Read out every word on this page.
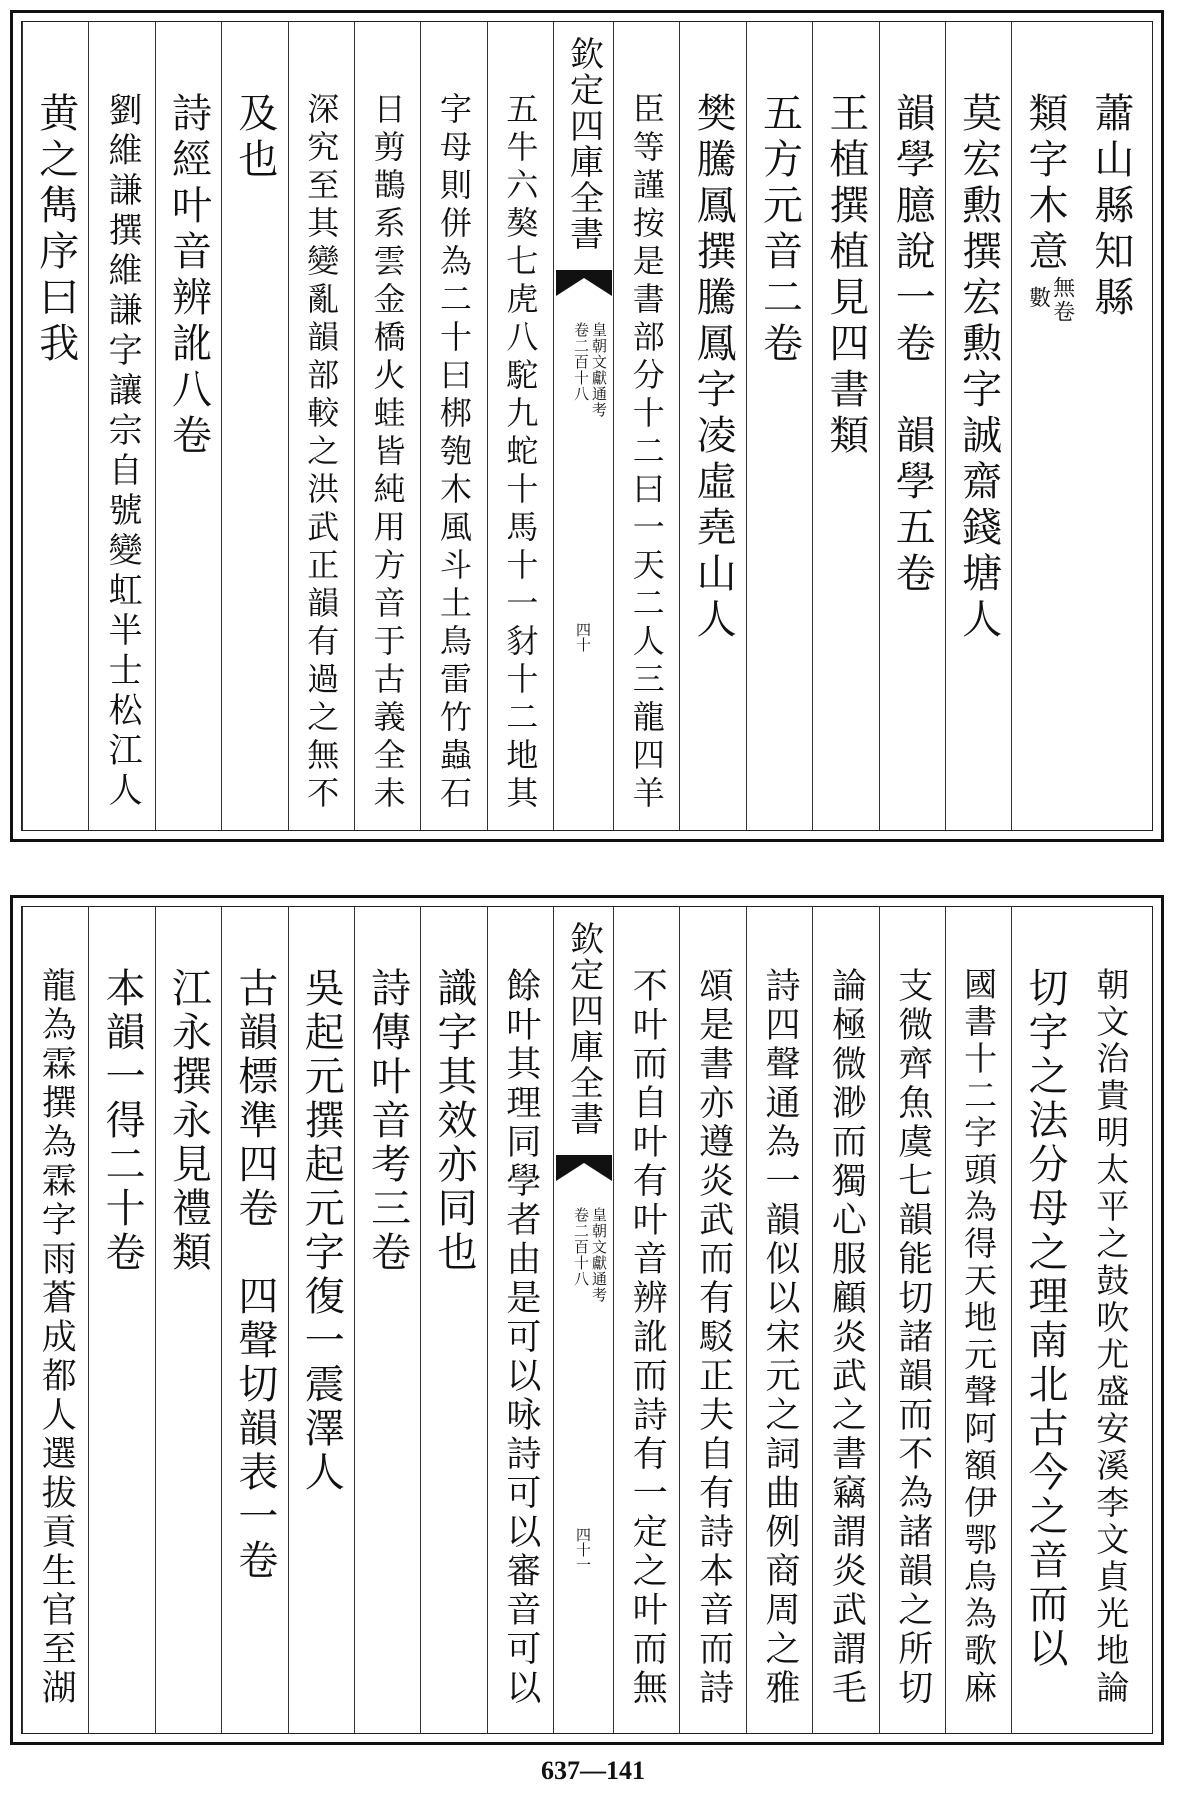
蕭山縣知縣
類字木意
無卷
數
莫宏勲撰宏勲字誠齋錢塘人
韻學臆說一卷　韻學五卷
王植撰植見四書類
五方元音二卷
樊騰鳳撰騰鳳字凌虛堯山人
臣等謹按是書部分十二曰一天二人三龍四羊
欽定四庫全書
皇朝文獻通考
卷二百十八
四十
五牛六獒七虎八駝九蛇十馬十一豺十二地其
字母則併為二十曰梆匏木風斗土鳥雷竹蟲石
日剪鵲系雲金橋火蛙皆純用方音于古義全未
深究至其變亂韻部較之洪武正韻有過之無不
及也
詩經叶音辨訛八卷
劉維謙撰維謙字讓宗自號變虹半士松江人
黄之雋序曰我
朝文治貴明太平之鼓吹尤盛安溪李文貞光地論
切字之法分母之理南北古今之音而以
國書十二字頭為得天地元聲阿額伊鄂烏為歌麻
支微齊魚虞七韻能切諸韻而不為諸韻之所切
論極微渺而獨心服顧炎武之書竊謂炎武謂毛
詩四聲通為一韻似以宋元之詞曲例商周之雅
頌是書亦遵炎武而有駁正夫自有詩本音而詩
不叶而自叶有叶音辨訛而詩有一定之叶而無
欽定四庫全書
皇朝文獻通考
卷二百十八
四十一
餘叶其理同學者由是可以咏詩可以審音可以
識字其效亦同也
詩傳叶音考三卷
吳起元撰起元字復一震澤人
古韻標準四卷　四聲切韻表一卷
江永撰永見禮類
本韻一得二十卷
龍為霖撰為霖字雨蒼成都人選拔貢生官至湖
637—141
